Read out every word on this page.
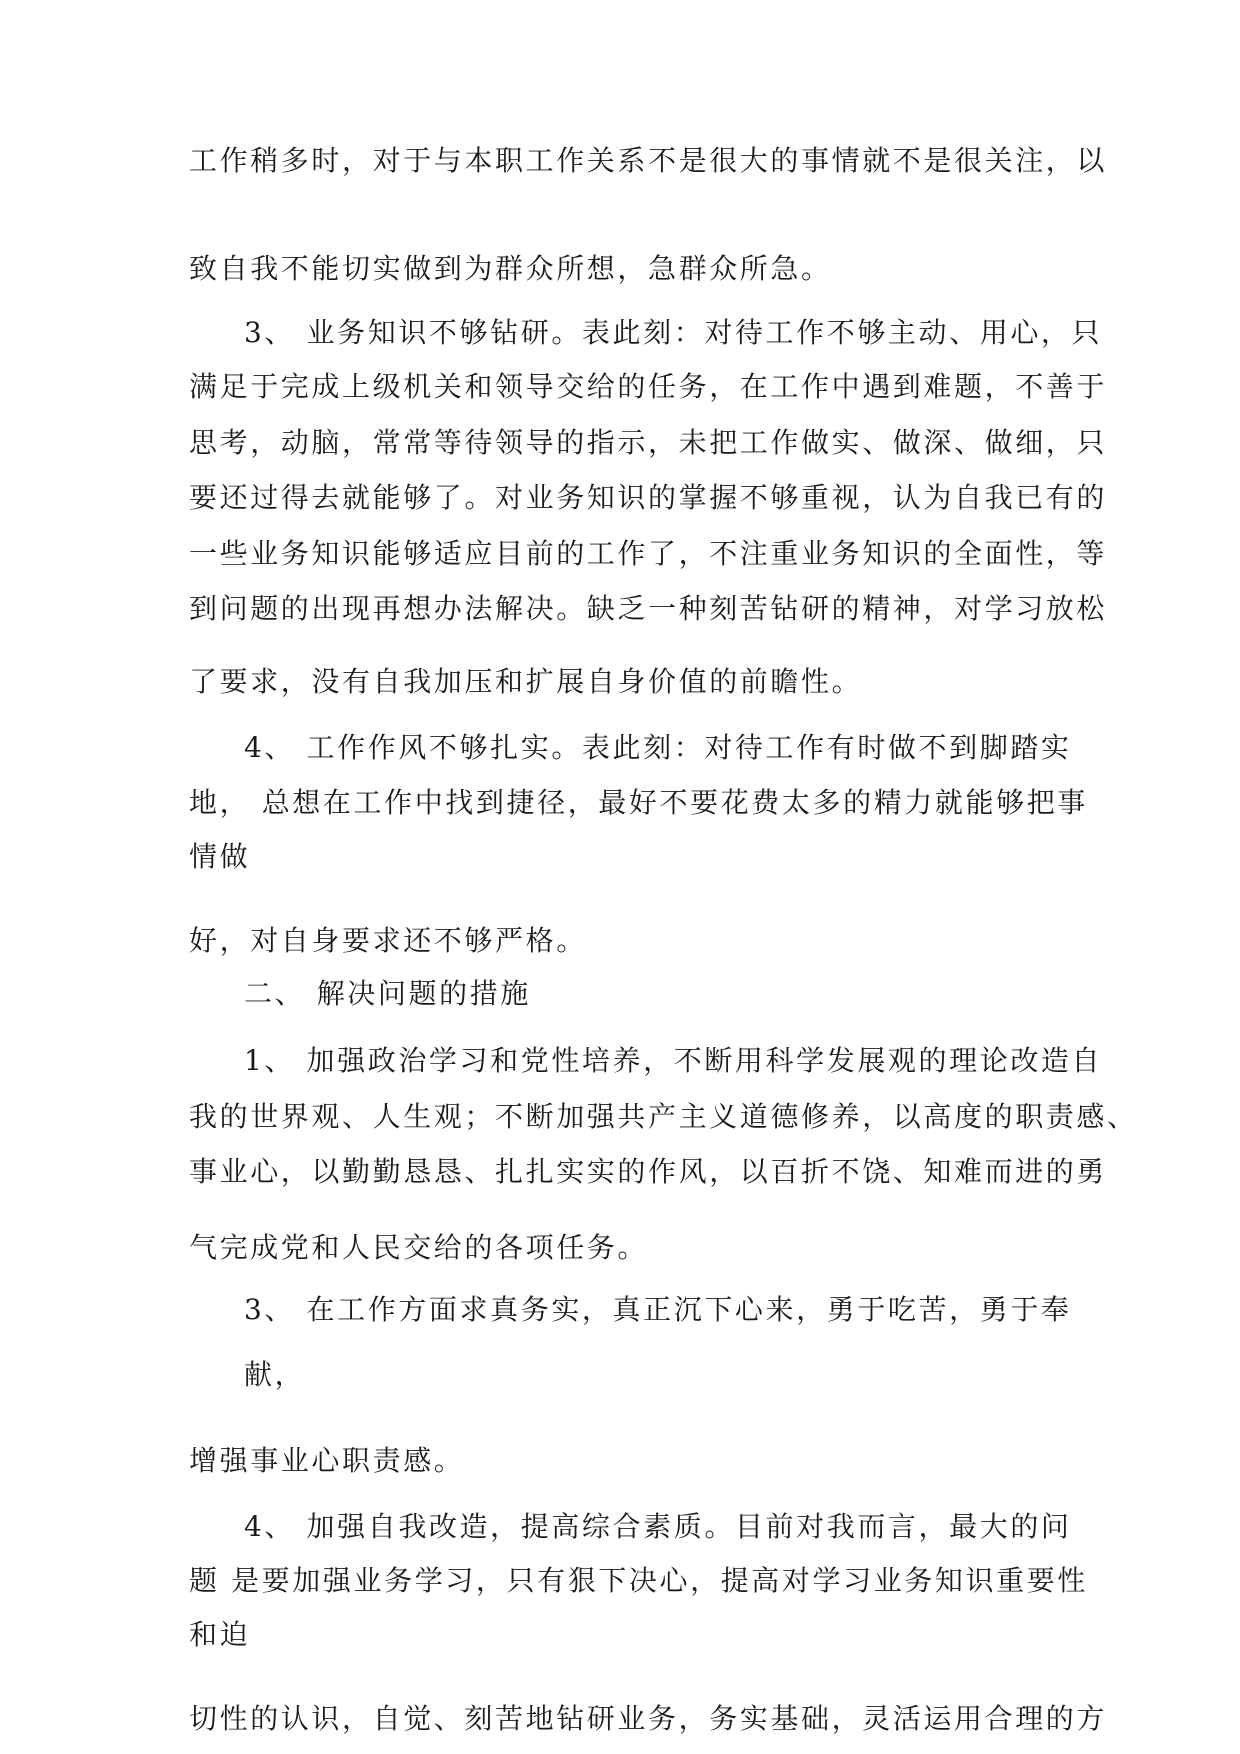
工作稍多时，对于与本职工作关系不是很大的事情就不是很关注，以
致自我不能切实做到为群众所想，急群众所急。
3、 业务知识不够钻研。表此刻：对待工作不够主动、用心，只
满足于完成上级机关和领导交给的任务，在工作中遇到难题，不善于
思考，动脑，常常等待领导的指示，未把工作做实、做深、做细，只
要还过得去就能够了。对业务知识的掌握不够重视，认为自我已有的
一些业务知识能够适应目前的工作了，不注重业务知识的全面性，等
到问题的出现再想办法解决。缺乏一种刻苦钻研的精神，对学习放松
了要求，没有自我加压和扩展自身价值的前瞻性。
4、 工作作风不够扎实。表此刻：对待工作有时做不到脚踏实
地， 总想在工作中找到捷径，最好不要花费太多的精力就能够把事
情做
好，对自身要求还不够严格。
二、 解决问题的措施
1、 加强政治学习和党性培养，不断用科学发展观的理论改造自
我的世界观、人生观；不断加强共产主义道德修养，以高度的职责感、
事业心，以勤勤恳恳、扎扎实实的作风，以百折不饶、知难而进的勇
气完成党和人民交给的各项任务。
3、 在工作方面求真务实，真正沉下心来，勇于吃苦，勇于奉
献，
增强事业心职责感。
4、 加强自我改造，提高综合素质。目前对我而言，最大的问
题 是要加强业务学习，只有狠下决心，提高对学习业务知识重要性
和迫
切性的认识，自觉、刻苦地钻研业务，务实基础，灵活运用合理的方
